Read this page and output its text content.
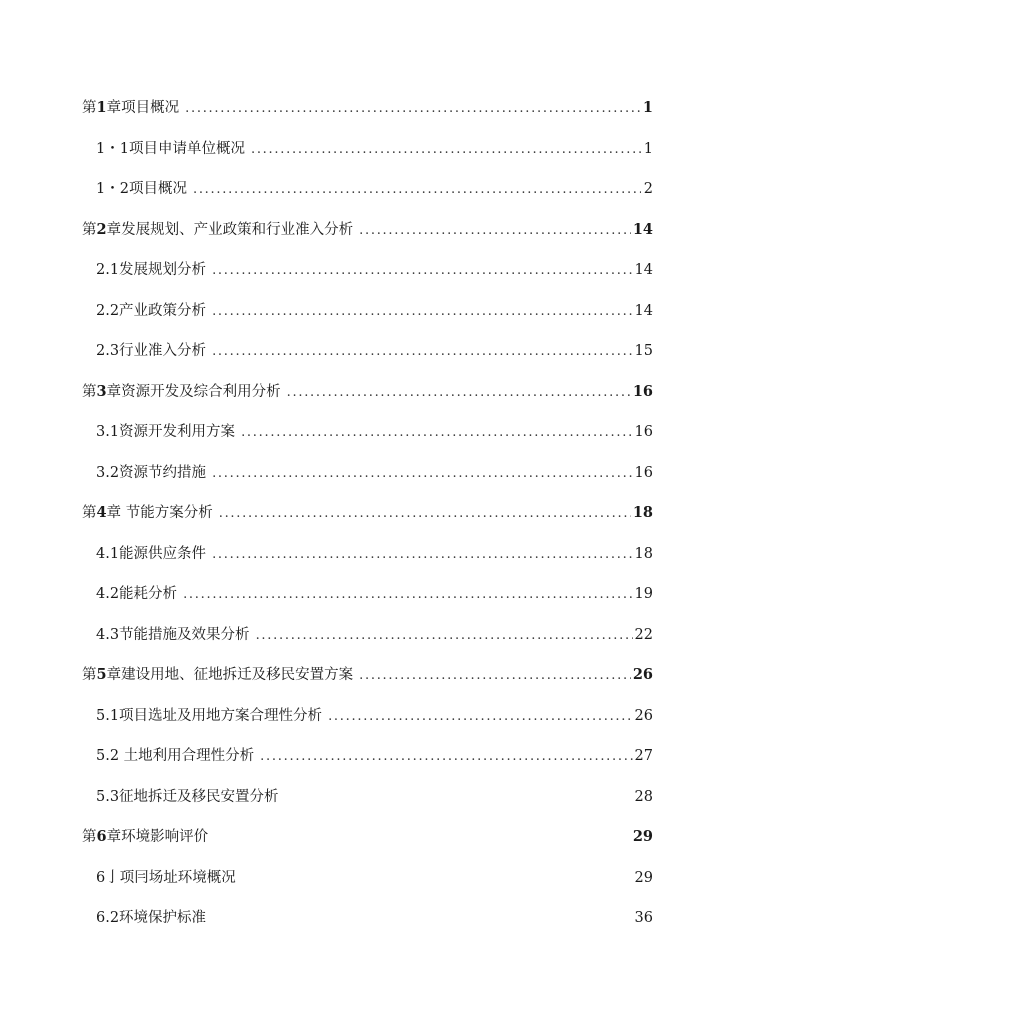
第1章项目概况 . . .	1
1・1项目申请单位概况 . . .	1
1・2项目概况 . . .	2
第2章发展规划、产业政策和行业准入分析 . . .	14
2.1发展规划分析 . . .	14
2.2产业政策分析 . . .	14
2.3行业准入分析 . . .	15
第3章资源开发及综合利用分析 . . .	16
3.1资源开发利用方案 . . .	16
3.2资源节约措施 . . .	16
第4章 节能方案分析 . . .	18
4.1能源供应条件 . . .	18
4.2能耗分析 . . .	19
4.3节能措施及效果分析 . . .	22
第5章建设用地、征地拆迁及移民安置方案 . . .	26
5.1项目选址及用地方案合理性分析 . . .	26
5.2 土地利用合理性分析 . . .	27
5.3征地拆迁及移民安置分析	28
第6章环境影响评价	29
6亅项冃场址环境概况	29
6.2环境保护标准	36
